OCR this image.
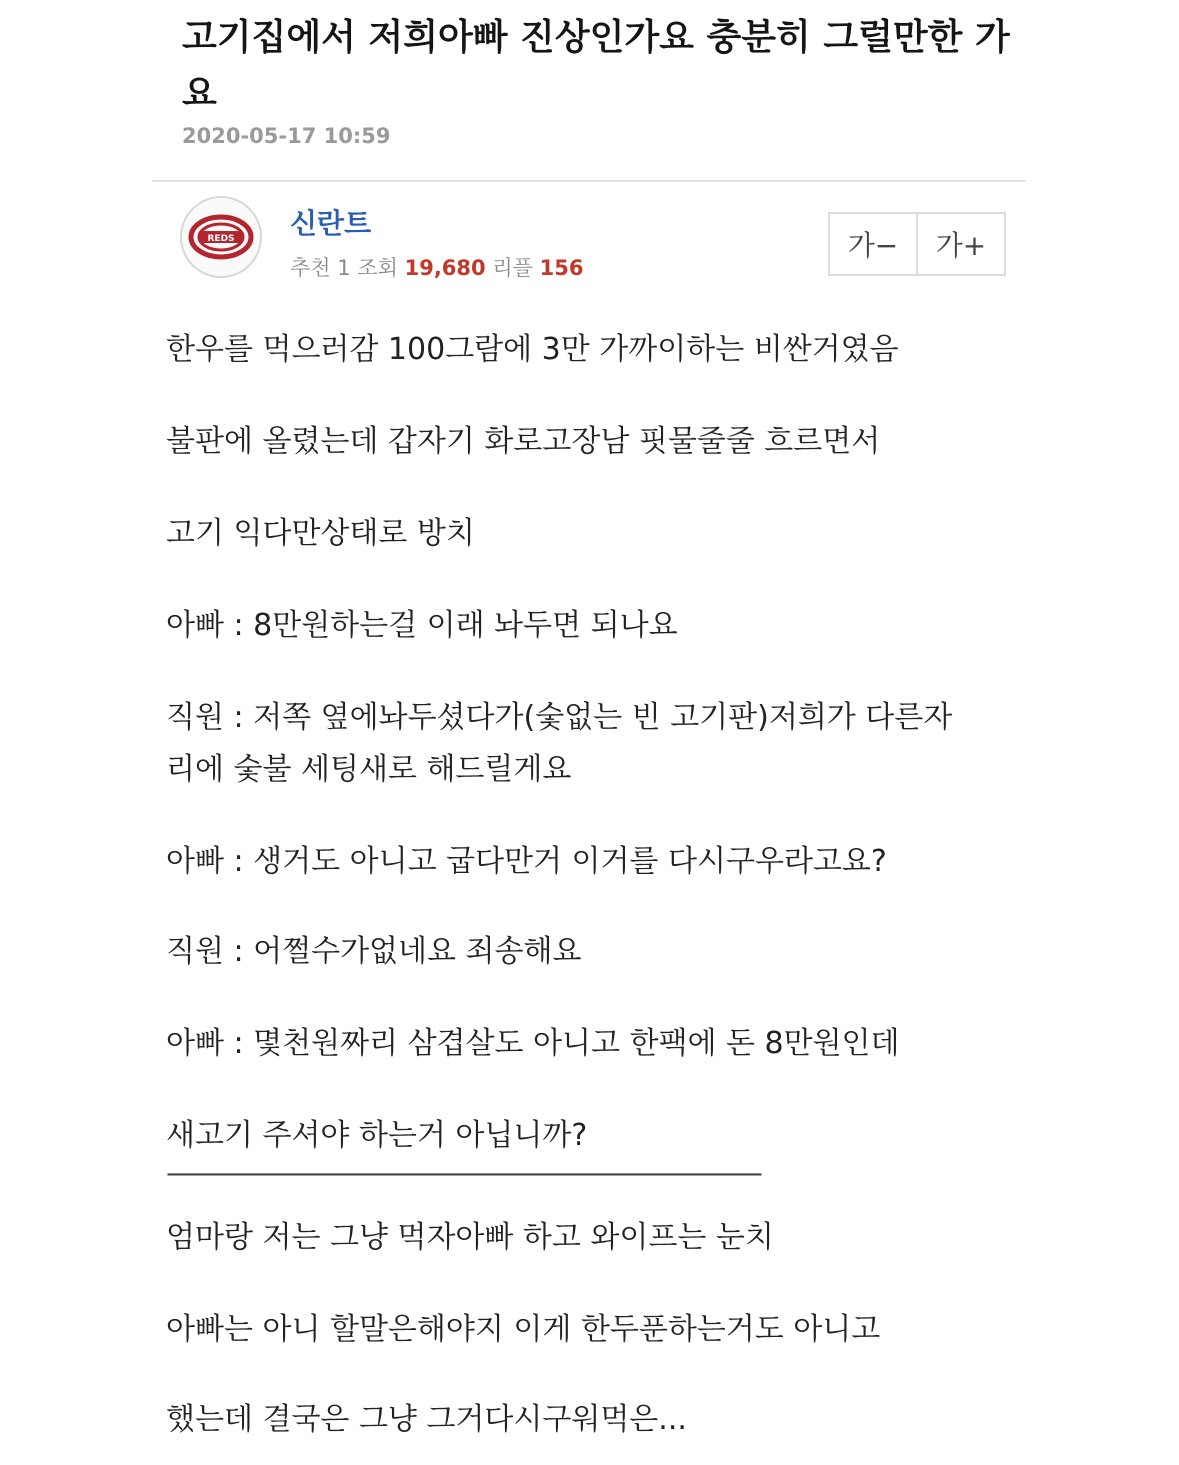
고기집에서 저희아빠 진상인가요 충분히 그럴만한 가요
2020-05-17 10:59
REDS 신란트
추천 1 조회 19,680 리플 156
가−	가+
한우를 먹으러감 100그람에 3만 가까이하는 비싼거였음
불판에 올렸는데 갑자기 화로고장남 핏물줄줄 흐르면서
고기 익다만상태로 방치
아빠 : 8만원하는걸 이래 놔두면 되나요
직원 : 저쪽 옆에놔두셨다가(숯없는 빈 고기판)저희가 다른자
리에 숯불 세팅새로 해드릴게요
아빠 : 생거도 아니고 굽다만거 이거를 다시구우라고요?
직원 : 어쩔수가없네요 죄송해요
아빠 : 몇천원짜리 삼겹살도 아니고 한팩에 돈 8만원인데
새고기 주셔야 하는거 아닙니까?
——————————————————————
엄마랑 저는 그냥 먹자아빠 하고 와이프는 눈치
아빠는 아니 할말은해야지 이게 한두푼하는거도 아니고
했는데 결국은 그냥 그거다시구워먹은...
